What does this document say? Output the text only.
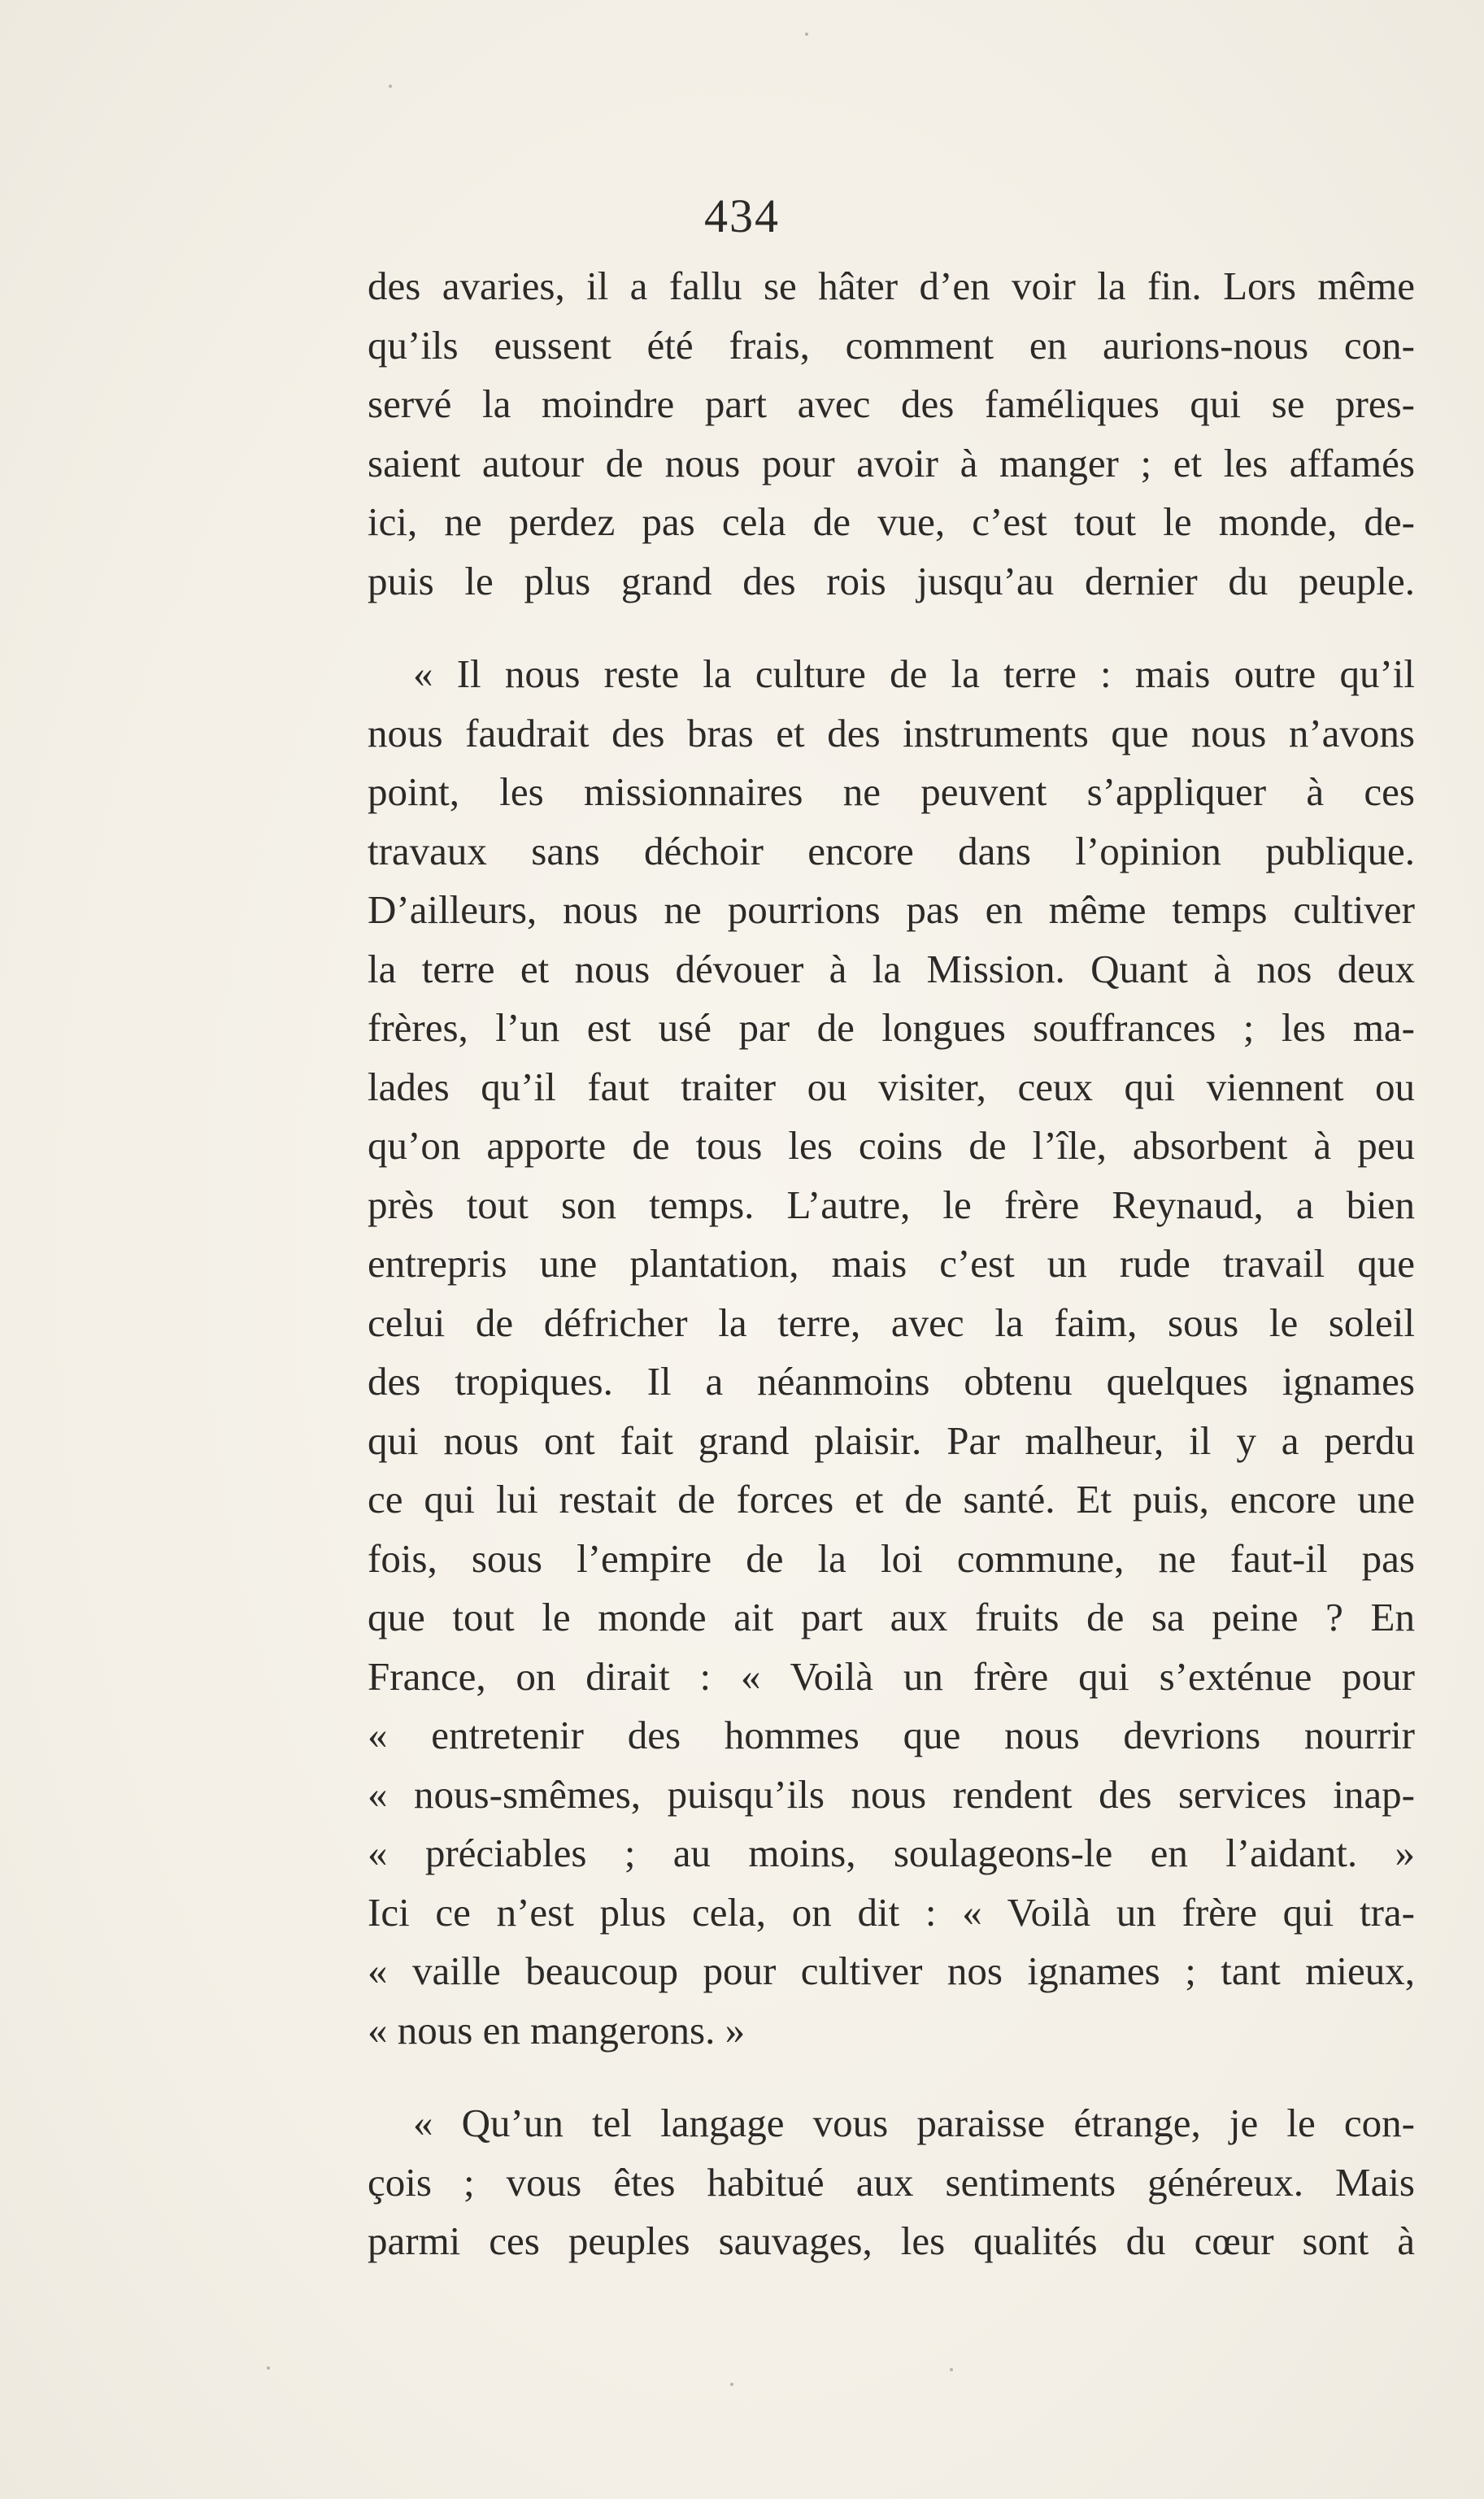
434
des avaries, il a fallu se hâter d’en voir la fin. Lors même
qu’ils eussent été frais, comment en aurions-nous con-
servé la moindre part avec des faméliques qui se pres-
saient autour de nous pour avoir à manger ; et les affamés
ici, ne perdez pas cela de vue, c’est tout le monde, de-
puis le plus grand des rois jusqu’au dernier du peuple.
« Il nous reste la culture de la terre : mais outre qu’il
nous faudrait des bras et des instruments que nous n’avons
point, les missionnaires ne peuvent s’appliquer à ces
travaux sans déchoir encore dans l’opinion publique.
D’ailleurs, nous ne pourrions pas en même temps cultiver
la terre et nous dévouer à la Mission. Quant à nos deux
frères, l’un est usé par de longues souffrances ; les ma-
lades qu’il faut traiter ou visiter, ceux qui viennent ou
qu’on apporte de tous les coins de l’île, absorbent à peu
près tout son temps. L’autre, le frère Reynaud, a bien
entrepris une plantation, mais c’est un rude travail que
celui de défricher la terre, avec la faim, sous le soleil
des tropiques. Il a néanmoins obtenu quelques ignames
qui nous ont fait grand plaisir. Par malheur, il y a perdu
ce qui lui restait de forces et de santé. Et puis, encore une
fois, sous l’empire de la loi commune, ne faut-il pas
que tout le monde ait part aux fruits de sa peine ? En
France, on dirait : « Voilà un frère qui s’exténue pour
« entretenir des hommes que nous devrions nourrir
« nous-smêmes, puisqu’ils nous rendent des services inap-
« préciables ; au moins, soulageons-le en l’aidant. »
Ici ce n’est plus cela, on dit : « Voilà un frère qui tra-
« vaille beaucoup pour cultiver nos ignames ; tant mieux,
« nous en mangerons. »
« Qu’un tel langage vous paraisse étrange, je le con-
çois ; vous êtes habitué aux sentiments généreux. Mais
parmi ces peuples sauvages, les qualités du cœur sont à
